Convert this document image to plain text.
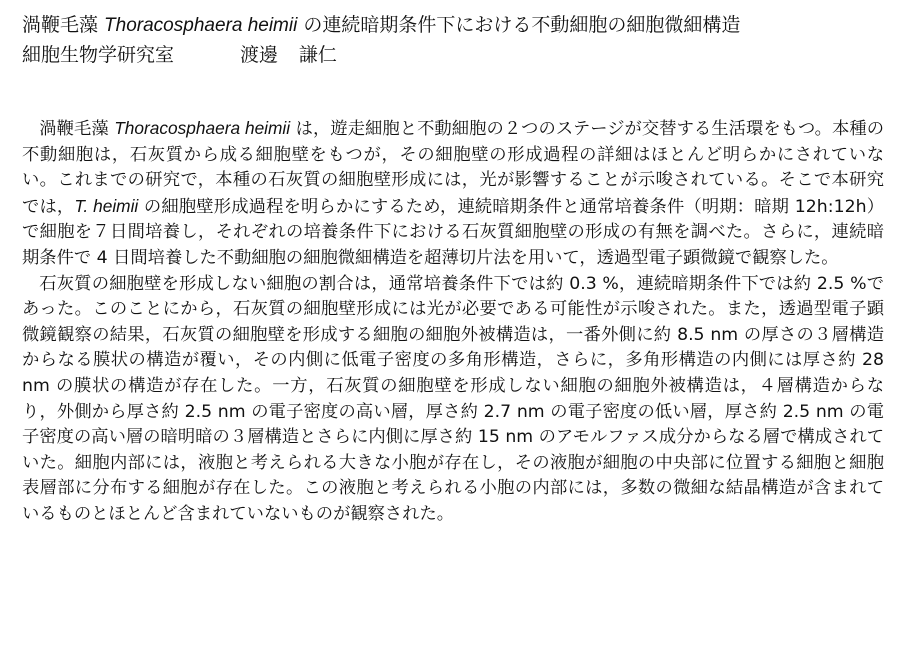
渦鞭毛藻 Thoracosphaera heimii の連続暗期条件下における不動細胞の細胞微細構造
細胞生物学研究室	渡邊 謙仁

渦鞭毛藻 Thoracosphaera heimii は，遊走細胞と不動細胞の２つのステージが交替する生活環をもつ。本種の不動細胞は，石灰質から成る細胞壁をもつが，その細胞壁の形成過程の詳細はほとんど明らかにされていない。これまでの研究で，本種の石灰質の細胞壁形成には，光が影響することが示唆されている。そこで本研究では，T. heimii の細胞壁形成過程を明らかにするため，連続暗期条件と通常培養条件（明期：暗期 12h:12h）で細胞を７日間培養し，それぞれの培養条件下における石灰質細胞壁の形成の有無を調べた。さらに，連続暗期条件で 4 日間培養した不動細胞の細胞微細構造を超薄切片法を用いて，透過型電子顕微鏡で観察した。

石灰質の細胞壁を形成しない細胞の割合は，通常培養条件下では約 0.3 %，連続暗期条件下では約 2.5 %であった。このことにから，石灰質の細胞壁形成には光が必要である可能性が示唆された。また，透過型電子顕微鏡観察の結果，石灰質の細胞壁を形成する細胞の細胞外被構造は，一番外側に約 8.5 nm の厚さの３層構造からなる膜状の構造が覆い，その内側に低電子密度の多角形構造，さらに，多角形構造の内側には厚さ約 28 nm の膜状の構造が存在した。一方，石灰質の細胞壁を形成しない細胞の細胞外被構造は，４層構造からなり，外側から厚さ約 2.5 nm の電子密度の高い層，厚さ約 2.7 nm の電子密度の低い層，厚さ約 2.5 nm の電子密度の高い層の暗明暗の３層構造とさらに内側に厚さ約 15 nm のアモルファス成分からなる層で構成されていた。細胞内部には，液胞と考えられる大きな小胞が存在し，その液胞が細胞の中央部に位置する細胞と細胞表層部に分布する細胞が存在した。この液胞と考えられる小胞の内部には，多数の微細な結晶構造が含まれているものとほとんど含まれていないものが観察された。
